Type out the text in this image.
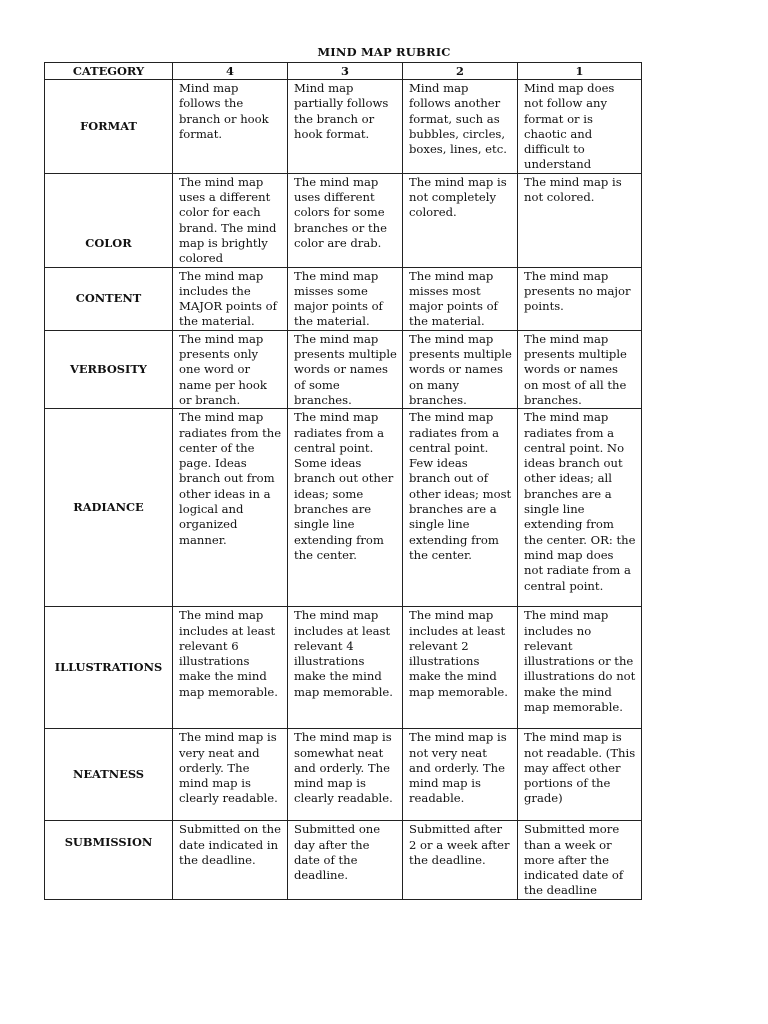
MIND MAP RUBRIC
CATEGORY	4	3	2	1
FORMAT	Mind map follows the branch or hook format.	Mind map partially follows the branch or hook format.	Mind map follows another format, such as bubbles, circles, boxes, lines, etc.	Mind map does not follow any format or is chaotic and difficult to understand
COLOR	The mind map uses a different color for each brand. The mind map is brightly colored	The mind map uses different colors for some branches or the color are drab.	The mind map is not completely colored.	The mind map is not colored.
CONTENT	The mind map includes the MAJOR points of the material.	The mind map misses some major points of the material.	The mind map misses most major points of the material.	The mind map presents no major points.
VERBOSITY	The mind map presents only one word or name per hook or branch.	The mind map presents multiple words or names of some branches.	The mind map presents multiple words or names on many branches.	The mind map presents multiple words or names on most of all the branches.
RADIANCE	The mind map radiates from the center of the page. Ideas branch out from other ideas in a logical and organized manner.	The mind map radiates from a central point. Some ideas branch out other ideas; some branches are single line extending from the center.	The mind map radiates from a central point. Few ideas branch out of other ideas; most branches are a single line extending from the center.	The mind map radiates from a central point. No ideas branch out other ideas; all branches are a single line extending from the center. OR: the mind map does not radiate from a central point.
ILLUSTRATIONS	The mind map includes at least relevant 6 illustrations make the mind map memorable.	The mind map includes at least relevant 4 illustrations make the mind map memorable.	The mind map includes at least relevant 2 illustrations make the mind map memorable.	The mind map includes no relevant illustrations or the illustrations do not make the mind map memorable.
NEATNESS	The mind map is very neat and orderly. The mind map is clearly readable.	The mind map is somewhat neat and orderly. The mind map is clearly readable.	The mind map is not very neat and orderly. The mind map is readable.	The mind map is not readable. (This may affect other portions of the grade)
SUBMISSION	Submitted on the date indicated in the deadline.	Submitted one day after the date of the deadline.	Submitted after 2 or a week after the deadline.	Submitted more than a week or more after the indicated date of the deadline
